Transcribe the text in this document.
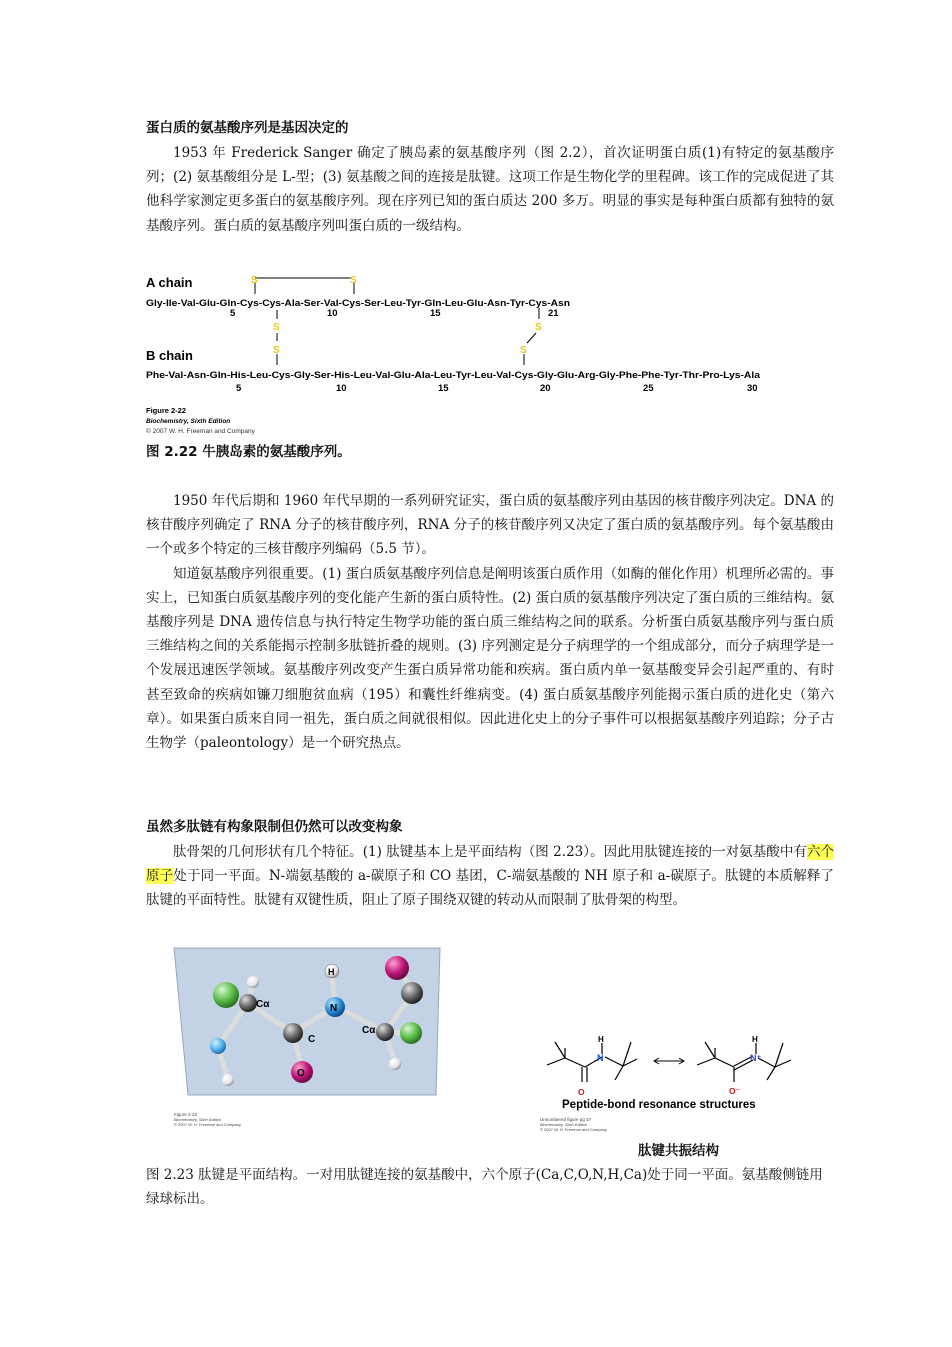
蛋白质的氨基酸序列是基因决定的

1953 年 Frederick Sanger 确定了胰岛素的氨基酸序列（图 2.2），首次证明蛋白质(1)有特定的氨基酸序列；(2) 氨基酸组分是 L-型；(3) 氨基酸之间的连接是肽键。这项工作是生物化学的里程碑。该工作的完成促进了其他科学家测定更多蛋白的氨基酸序列。现在序列已知的蛋白质达 200 多万。明显的事实是每种蛋白质都有独特的氨基酸序列。蛋白质的氨基酸序列叫蛋白质的一级结构。

S	S
S
S
S
S
A chain
B chain
Gly-Ile-Val-Glu-Gln-Cys-Cys-Ala-Ser-Val-Cys-Ser-Leu-Tyr-Gln-Leu-Glu-Asn-Tyr-Cys-Asn
Phe-Val-Asn-Gln-His-Leu-Cys-Gly-Ser-His-Leu-Val-Glu-Ala-Leu-Tyr-Leu-Val-Cys-Gly-Glu-Arg-Gly-Phe-Phe-Tyr-Thr-Pro-Lys-Ala
5	10	15	21
5	10	15	20	25	30
Figure 2-22
Biochemistry, Sixth Edition
© 2007 W. H. Freeman and Company
图 2.22 牛胰岛素的氨基酸序列。

1950 年代后期和 1960 年代早期的一系列研究证实，蛋白质的氨基酸序列由基因的核苷酸序列决定。DNA 的核苷酸序列确定了 RNA 分子的核苷酸序列，RNA 分子的核苷酸序列又决定了蛋白质的氨基酸序列。每个氨基酸由一个或多个特定的三核苷酸序列编码（5.5 节）。

知道氨基酸序列很重要。(1) 蛋白质氨基酸序列信息是阐明该蛋白质作用（如酶的催化作用）机理所必需的。事实上，已知蛋白质氨基酸序列的变化能产生新的蛋白质特性。(2) 蛋白质的氨基酸序列决定了蛋白质的三维结构。氨基酸序列是 DNA 遗传信息与执行特定生物学功能的蛋白质三维结构之间的联系。分析蛋白质氨基酸序列与蛋白质三维结构之间的关系能揭示控制多肽链折叠的规则。(3) 序列测定是分子病理学的一个组成部分，而分子病理学是一个发展迅速医学领域。氨基酸序列改变产生蛋白质异常功能和疾病。蛋白质内单一氨基酸变异会引起严重的、有时甚至致命的疾病如镰刀细胞贫血病（195）和囊性纤维病变。(4) 蛋白质氨基酸序列能揭示蛋白质的进化史（第六章）。如果蛋白质来自同一祖先，蛋白质之间就很相似。因此进化史上的分子事件可以根据氨基酸序列追踪；分子古生物学（paleontology）是一个研究热点。

虽然多肽链有构象限制但仍然可以改变构象

肽骨架的几何形状有几个特征。(1) 肽键基本上是平面结构（图 2.23）。因此用肽键连接的一对氨基酸中有六个原子处于同一平面。N-端氨基酸的 a-碳原子和 CO 基团，C-端氨基酸的 NH 原子和 a-碳原子。肽键的本质解释了肽键的平面特性。肽键有双键性质，阻止了原子围绕双键的转动从而限制了肽骨架的构型。

H
N
C
O
Cα
Cα
Figure 2-23
Biochemistry, Sixth Edition
© 2007 W. H. Freeman and Company
O
H
N
O⁻
H
N⁺
Peptide-bond resonance structures
Unnumbered figure pg 37
Biochemistry, Sixth Edition
© 2007 W. H. Freeman and Company
肽键共振结构

图 2.23 肽键是平面结构。一对用肽键连接的氨基酸中，六个原子(Ca,C,O,N,H,Ca)处于同一平面。氨基酸侧链用绿球标出。
